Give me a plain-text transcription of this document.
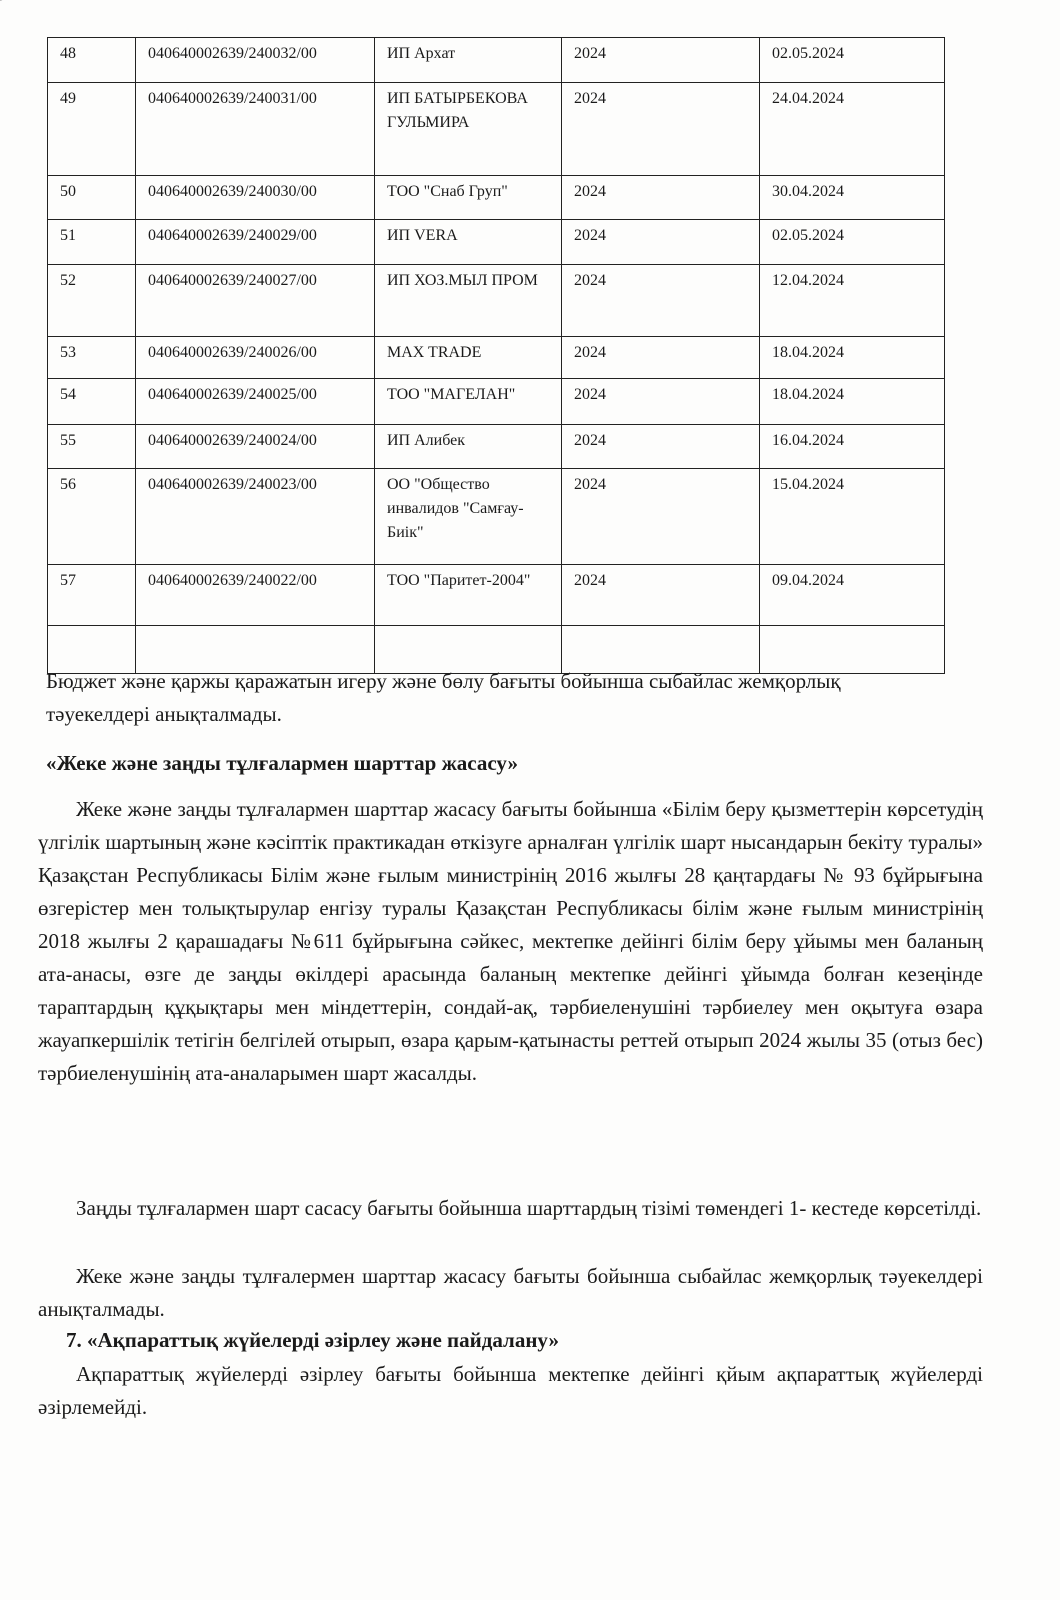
48	040640002639/240032/00	ИП Архат	2024	02.05.2024
49	040640002639/240031/00	ИП БАТЫРБЕКОВА ГУЛЬМИРА	2024	24.04.2024
50	040640002639/240030/00	ТОО "Снаб Груп"	2024	30.04.2024
51	040640002639/240029/00	ИП VERA	2024	02.05.2024
52	040640002639/240027/00	ИП ХОЗ.МЫЛ ПРОМ	2024	12.04.2024
53	040640002639/240026/00	MAX TRADE	2024	18.04.2024
54	040640002639/240025/00	ТОО "МАГЕЛАН"	2024	18.04.2024
55	040640002639/240024/00	ИП Алибек	2024	16.04.2024
56	040640002639/240023/00	ОО "Общество инвалидов "Самғау-Биік"	2024	15.04.2024
57	040640002639/240022/00	ТОО "Паритет-2004"	2024	09.04.2024

Бюджет және қаржы қаражатын игеру және бөлу бағыты бойынша сыбайлас жемқорлық тәуекелдері анықталмады.

«Жеке және заңды тұлғалармен шарттар жасасу»

Жеке және заңды тұлғалармен шарттар жасасу бағыты бойынша «Білім беру қызметтерін көрсетудің үлгілік шартының және кәсіптік практикадан өткізуге арналған үлгілік шарт нысандарын бекіту туралы» Қазақстан Республикасы Білім және ғылым министрінің 2016 жылғы 28 қаңтардағы № 93 бұйрығына өзгерістер мен толықтырулар енгізу туралы Қазақстан Республикасы білім және ғылым министрінің 2018 жылғы 2 қарашадағы №611 бұйрығына сәйкес, мектепке дейінгі білім беру ұйымы мен баланың ата-анасы, өзге де заңды өкілдері арасында баланың мектепке дейінгі ұйымда болған кезеңінде тараптардың құқықтары мен міндеттерін, сондай-ақ, тәрбиеленушіні тәрбиелеу мен оқытуға өзара жауапкершілік тетігін белгілей отырып, өзара қарым-қатынасты реттей отырып 2024 жылы 35 (отыз бес) тәрбиеленушінің ата-аналарымен шарт жасалды.

Заңды тұлғалармен шарт сасасу бағыты бойынша шарттардың тізімі төмендегі 1- кестеде көрсетілді.

Жеке және заңды тұлғалермен шарттар жасасу бағыты бойынша сыбайлас жемқорлық тәуекелдері анықталмады.

7. «Ақпараттық жүйелерді әзірлеу және пайдалану»

Ақпараттық жүйелерді әзірлеу бағыты бойынша мектепке дейінгі қйым ақпараттық жүйелерді әзірлемейді.
